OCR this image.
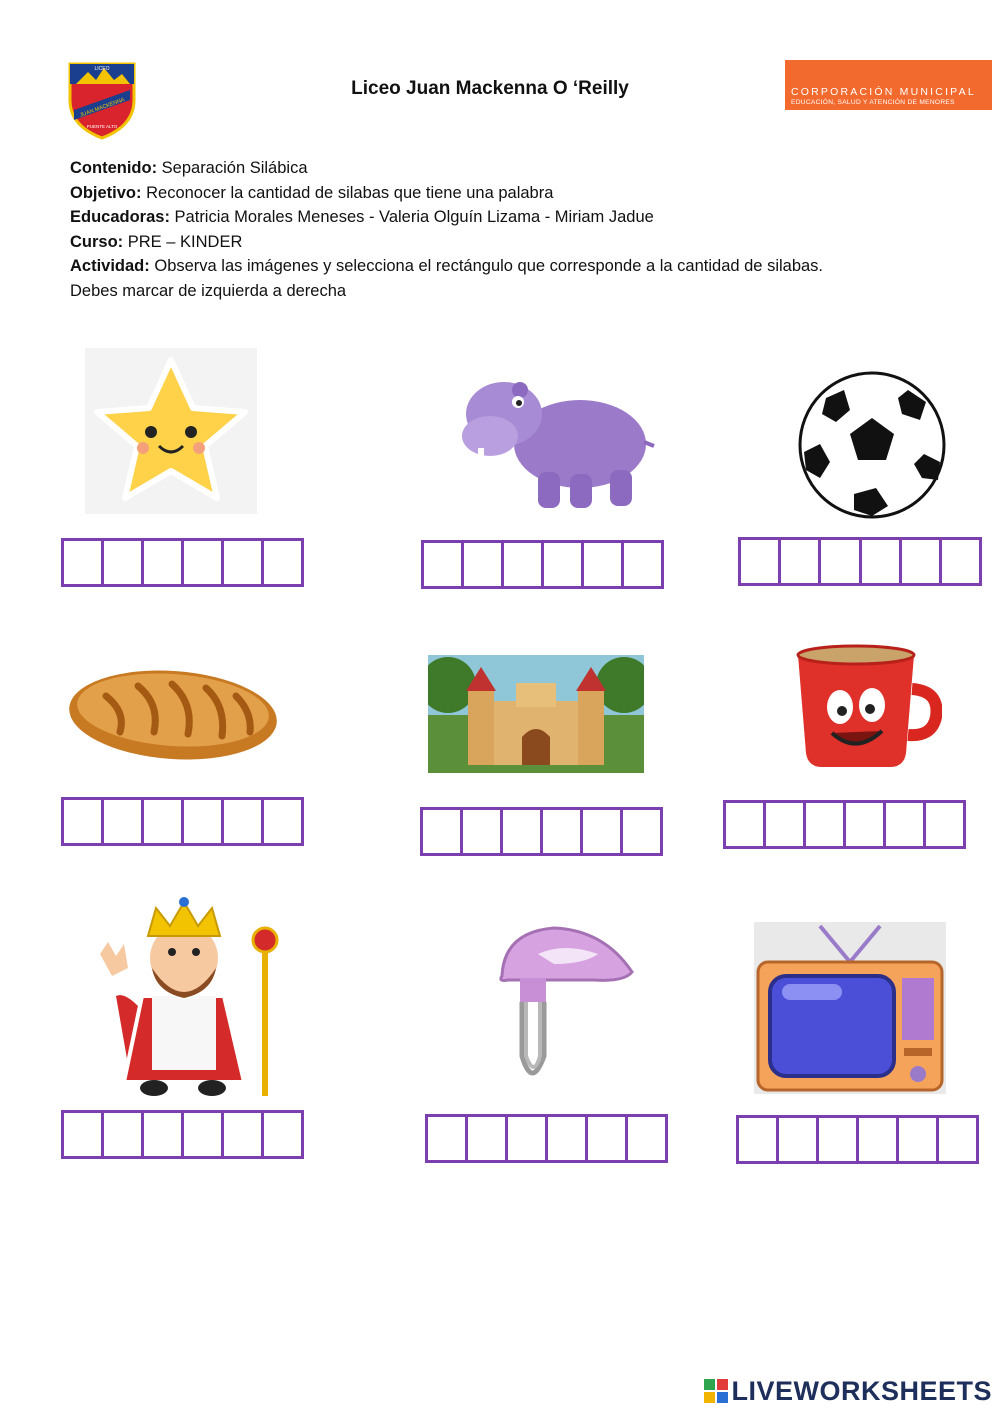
LICEO
JUAN MACKENNA
PUENTE ALTO
Liceo Juan Mackenna O ‘Reilly	CORPORACIÓN MUNICIPAL
EDUCACIÓN, SALUD Y ATENCIÓN DE MENORES
Contenido: Separación Silábica
Objetivo: Reconocer la cantidad de silabas que tiene una palabra
Educadoras: Patricia Morales Meneses - Valeria Olguín Lizama - Miriam Jadue
Curso: PRE – KINDER
Actividad: Observa las imágenes y selecciona el rectángulo que corresponde a la cantidad de silabas.
Debes marcar de izquierda a derecha
LIVEWORKSHEETS
